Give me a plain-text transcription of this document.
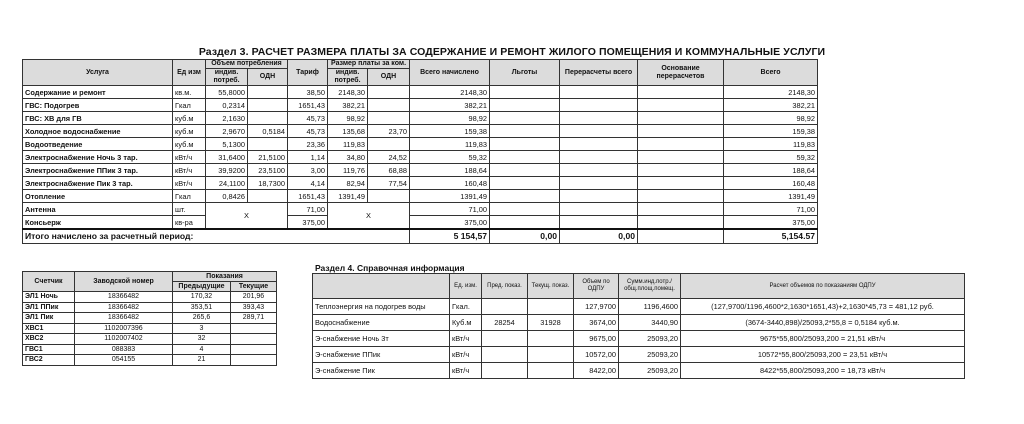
Раздел 3. РАСЧЕТ РАЗМЕРА ПЛАТЫ ЗА СОДЕРЖАНИЕ И РЕМОНТ ЖИЛОГО ПОМЕЩЕНИЯ И КОММУНАЛЬНЫЕ УСЛУГИ
Услуга	Ед изм	Объем потребления		Тариф	Размер платы за ком.		Всего начислено	Льготы	Перерасчеты всего	Основание перерасчетов	Всего
		индив. потреб.	ОДН		индив. потреб.	ОДН					
Содержание и ремонт	кв.м.	55,8000		38,50	2148,30		2148,30				2148,30
ГВС: Подогрев	Гкал	0,2314		1651,43	382,21		382,21				382,21
ГВС: ХВ для ГВ	куб.м	2,1630		45,73	98,92		98,92				98,92
Холодное водоснабжение	куб.м	2,9670	0,5184	45,73	135,68	23,70	159,38				159,38
Водоотведение	куб.м	5,1300		23,36	119,83		119,83				119,83
Электроснабжение Ночь 3 тар.	кВт/ч	31,6400	21,5100	1,14	34,80	24,52	59,32				59,32
Электроснабжение ППик 3 тар.	кВт/ч	39,9200	23,5100	3,00	119,76	68,88	188,64				188,64
Электроснабжение Пик 3 тар.	кВт/ч	24,1100	18,7300	4,14	82,94	77,54	160,48				160,48
Отопление	Гкал	0,8426		1651,43	1391,49		1391,49				1391,49
Антенна	шт.	X		71,00	X		71,00				71,00
Консьерж	кв-ра			375,00			375,00				375,00
Итого начислено за расчетный период:							5 154,57	0,00	0,00		5,154.57
Счетчик	Заводской номер	Показания	
		Предыдущие	Текущие
ЭЛ1 Ночь	18366482	170,32	201,96
ЭЛ1 ППик	18366482	353,51	393,43
ЭЛ1 Пик	18366482	265,6	289,71
ХВС1	1102007396	3	
ХВС2	1102007402	32	
ГВС1	088383	4	
ГВС2	054155	21	
Раздел 4. Справочная информация
	Ед. изм.	Пред. показ.	Текущ. показ.	Объем по ОДПУ	Сумм.инд.потр./ общ.площ.помещ.	Расчет объемов по показаниям ОДПУ
Теплоэнергия на подогрев воды	Гкал.			127,9700	1196,4600	(127,9700/1196,4600*2,1630*1651,43)+2,1630*45,73 = 481,12 руб.
Водоснабжение	Куб.м	28254	31928	3674,00	3440,90	(3674-3440,898)/25093,2*55,8 = 0,5184 куб.м.
Э-снабжение Ночь 3т	кВт/ч			9675,00	25093,20	9675*55,800/25093,200 = 21,51 кВт/ч
Э-снабжение ППик	кВт/ч			10572,00	25093,20	10572*55,800/25093,200 = 23,51 кВт/ч
Э-снабжение Пик	кВт/ч			8422,00	25093,20	8422*55,800/25093,200 = 18,73 кВт/ч
